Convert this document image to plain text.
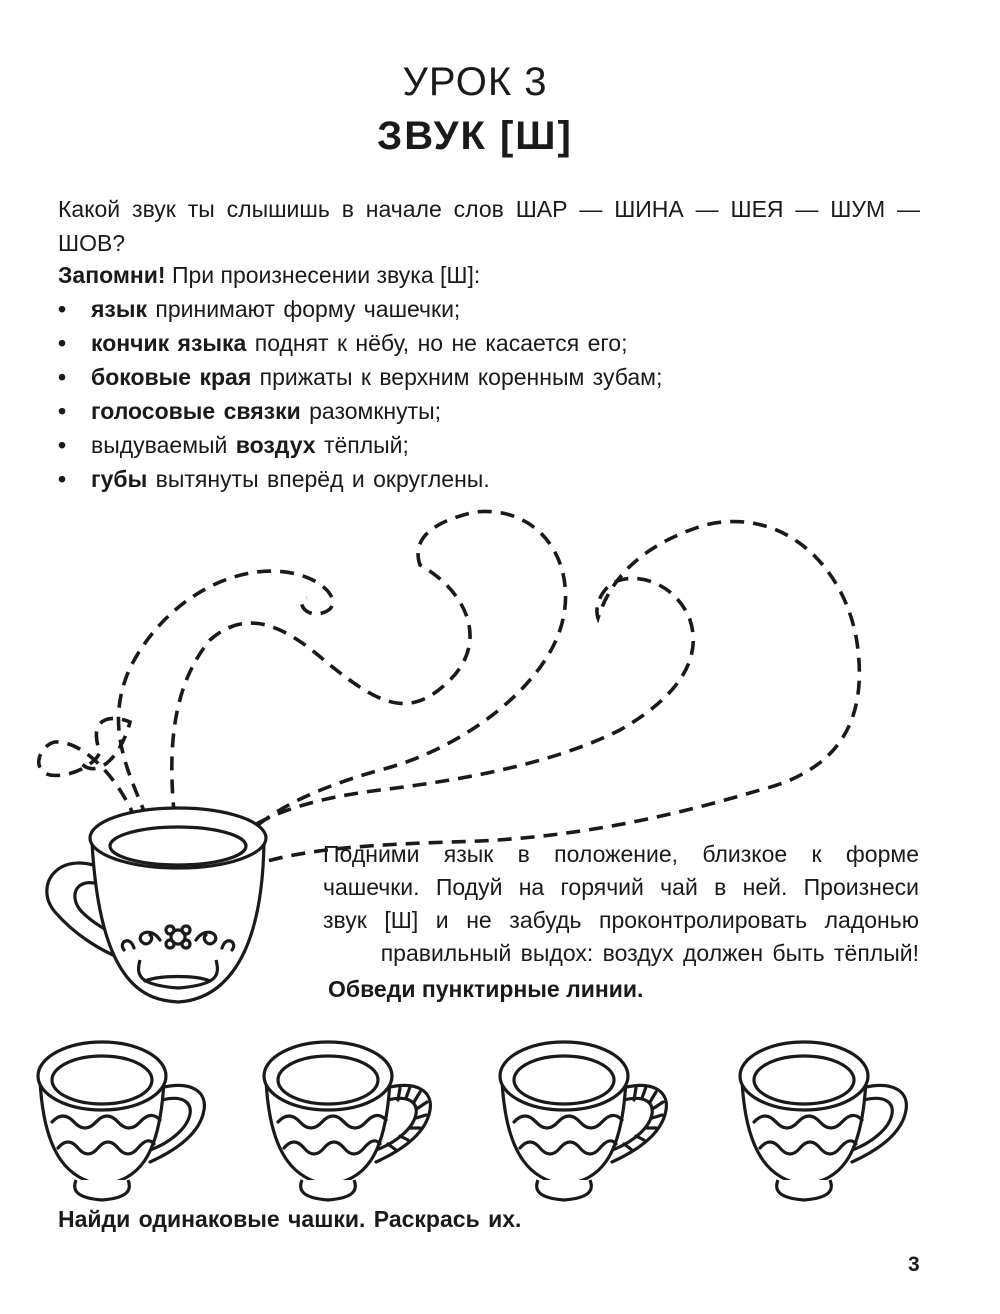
УРОК 3
ЗВУК [Ш]
Какой звук ты слышишь в начале слов ШАР — ШИНА — ШЕЯ — ШУМ — ШОВ?
Запомни! При произнесении звука [Ш]:
• язык принимают форму чашечки;
• кончик языка поднят к нёбу, но не касается его;
• боковые края прижаты к верхним коренным зубам;
• голосовые связки разомкнуты;
• выдуваемый воздух тёплый;
• губы вытянуты вперёд и округлены.
Подними язык в положение, близкое к форме чашечки. Подуй на горячий чай в ней. Произнеси звук [Ш] и не забудь проконтролировать ладонью правильный выдох: воздух должен быть тёплый!
Обведи пунктирные линии.
Найди одинаковые чашки. Раскрась их.
3
